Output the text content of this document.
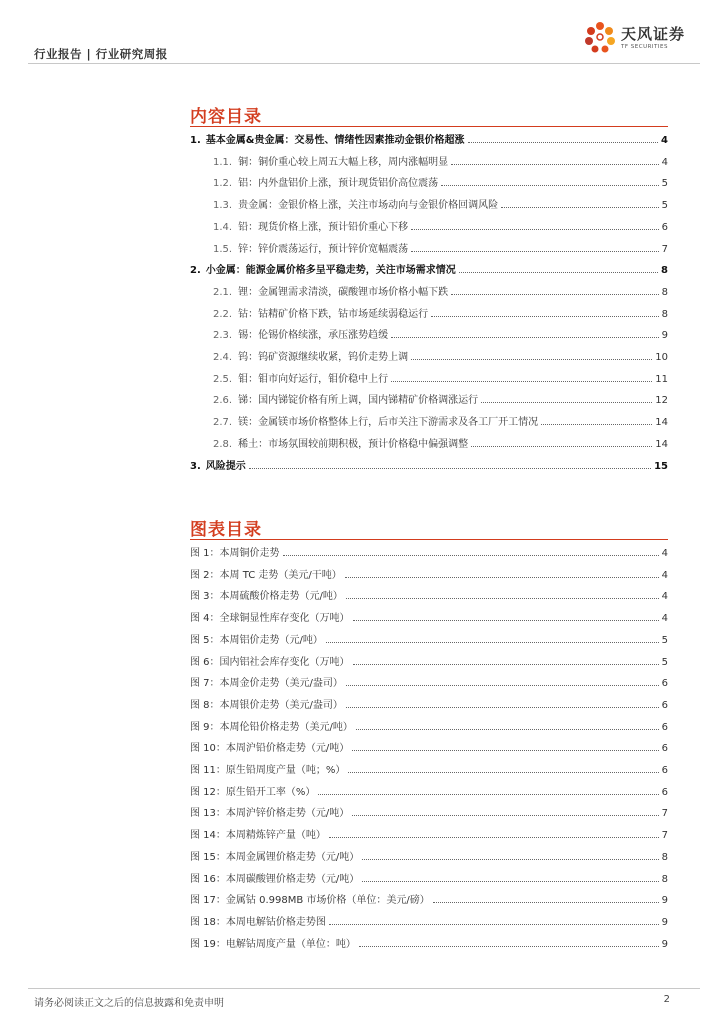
行业报告 | 行业研究周报
天风证券
TF SECURITIES
内容目录
1. 基本金属&贵金属：交易性、情绪性因素推动金银价格超涨	4
1.1. 铜：铜价重心较上周五大幅上移，周内涨幅明显	4
1.2. 铝：内外盘铝价上涨，预计现货铝价高位震荡	5
1.3. 贵金属：金银价格上涨，关注市场动向与金银价格回调风险	5
1.4. 铅：现货价格上涨，预计铅价重心下移	6
1.5. 锌：锌价震荡运行，预计锌价宽幅震荡	7
2. 小金属：能源金属价格多呈平稳走势，关注市场需求情况	8
2.1. 锂：金属锂需求清淡，碳酸锂市场价格小幅下跌	8
2.2. 钴：钴精矿价格下跌，钴市场延续弱稳运行	8
2.3. 锡：伦锡价格续涨，承压涨势趋缓	9
2.4. 钨：钨矿资源继续收紧，钨价走势上调	10
2.5. 钼：钼市向好运行，钼价稳中上行	11
2.6. 锑：国内锑锭价格有所上调，国内锑精矿价格调涨运行	12
2.7. 镁：金属镁市场价格整体上行，后市关注下游需求及各工厂开工情况	14
2.8. 稀土：市场氛围较前期积极，预计价格稳中偏强调整	14
3. 风险提示	15
图表目录
图 1：本周铜价走势	4
图 2：本周 TC 走势（美元/干吨）	4
图 3：本周硫酸价格走势（元/吨）	4
图 4：全球铜显性库存变化（万吨）	4
图 5：本周铝价走势（元/吨）	5
图 6：国内铝社会库存变化（万吨）	5
图 7：本周金价走势（美元/盎司）	6
图 8：本周银价走势（美元/盎司）	6
图 9：本周伦铅价格走势（美元/吨）	6
图 10：本周沪铅价格走势（元/吨）	6
图 11：原生铅周度产量（吨；%）	6
图 12：原生铅开工率（%）	6
图 13：本周沪锌价格走势（元/吨）	7
图 14：本周精炼锌产量（吨）	7
图 15：本周金属锂价格走势（元/吨）	8
图 16：本周碳酸锂价格走势（元/吨）	8
图 17：金属钴 0.998MB 市场价格（单位：美元/磅）	9
图 18：本周电解钴价格走势图	9
图 19：电解钴周度产量（单位：吨）	9
请务必阅读正文之后的信息披露和免责申明	2
